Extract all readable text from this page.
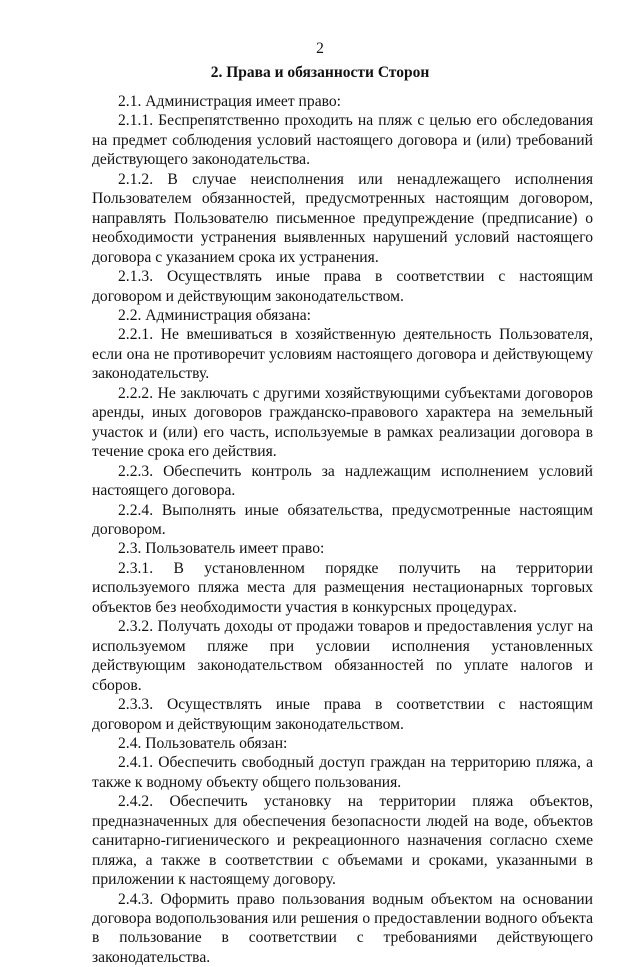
2
2. Права и обязанности Сторон

2.1. Администрация имеет право:

2.1.1. Беспрепятственно проходить на пляж с целью его обследования на предмет соблюдения условий настоящего договора и (или) требований действующего законодательства.

2.1.2. В случае неисполнения или ненадлежащего исполнения Пользователем обязанностей, предусмотренных настоящим договором, направлять Пользователю письменное предупреждение (предписание) о необходимости устранения выявленных нарушений условий настоящего договора с указанием срока их устранения.

2.1.3. Осуществлять иные права в соответствии с настоящим договором и действующим законодательством.

2.2. Администрация обязана:

2.2.1. Не вмешиваться в хозяйственную деятельность Пользователя, если она не противоречит условиям настоящего договора и действующему законодательству.

2.2.2. Не заключать с другими хозяйствующими субъектами договоров аренды, иных договоров гражданско-правового характера на земельный участок и (или) его часть, используемые в рамках реализации договора в течение срока его действия.

2.2.3. Обеспечить контроль за надлежащим исполнением условий настоящего договора.

2.2.4. Выполнять иные обязательства, предусмотренные настоящим договором.

2.3. Пользователь имеет право:

2.3.1. В установленном порядке получить на территории используемого пляжа места для размещения нестационарных торговых объектов без необходимости участия в конкурсных процедурах.

2.3.2. Получать доходы от продажи товаров и предоставления услуг на используемом пляже при условии исполнения установленных действующим законодательством обязанностей по уплате налогов и сборов.

2.3.3. Осуществлять иные права в соответствии с настоящим договором и действующим законодательством.

2.4. Пользователь обязан:

2.4.1. Обеспечить свободный доступ граждан на территорию пляжа, а также к водному объекту общего пользования.

2.4.2. Обеспечить установку на территории пляжа объектов, предназначенных для обеспечения безопасности людей на воде, объектов санитарно-гигиенического и рекреационного назначения согласно схеме пляжа, а также в соответствии с объемами и сроками, указанными в приложении к настоящему договору.

2.4.3. Оформить право пользования водным объектом на основании договора водопользования или решения о предоставлении водного объекта в пользование в соответствии с требованиями действующего законодательства.
